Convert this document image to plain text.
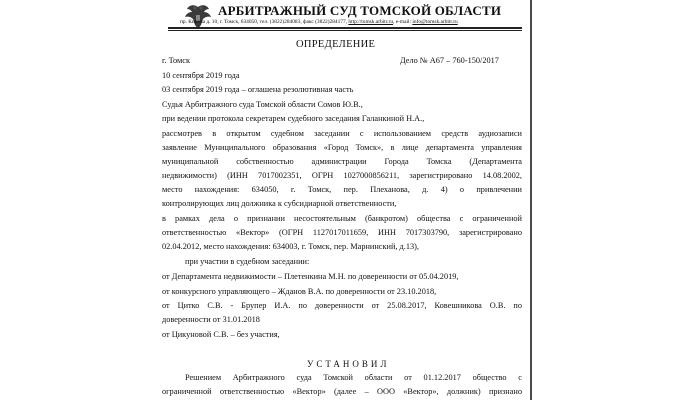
АРБИТРАЖНЫЙ СУД ТОМСКОЙ ОБЛАСТИ
пр. Кирова д. 10, г. Томск, 634050, тел. (3822)284083, факс (3822)284177, http://tomsk.arbitr.ru, e-mail: info@tomsk.arbitr.ru
ОПРЕДЕЛЕНИЕ
г. Томск	Дело № А67 – 760-150/2017
10 сентября 2019 года
03 сентября 2019 года – оглашена резолютивная часть
Судья Арбитражного суда Томской области Сомов Ю.В.,
при ведении протокола секретарем судебного заседания Галанкиной Н.А.,
рассмотрев в открытом судебном заседании с использованием средств аудиозаписи
заявление Муниципального образования «Город Томск», в лице департамента управления
муниципальной собственностью администрации Города Томска (Департамента
недвижимости) (ИНН 7017002351, ОГРН 1027000856211, зарегистрировано 14.08.2002,
место нахождения: 634050, г. Томск, пер. Плеханова, д. 4) о привлечении
контролирующих лиц должника к субсидиарной ответственности,
в рамках дела о признании несостоятельным (банкротом) общества с ограниченной
ответственностью «Вектор» (ОГРН 1127017011659, ИНН 7017303790, зарегистрировано
02.04.2012, место нахождения: 634003, г. Томск, пер. Марнинский, д.13),
при участии в судебном заседании:
от Департамента недвижимости – Плетенкина М.Н. по доверенности от 05.04.2019,
от конкурсного управляющего – Жданов В.А. по доверенности от 23.10.2018,
от Цитко С.В. - Брупер И.А. по доверенности от 25.08.2017, Ковешникова О.В. по
доверенности от 31.01.2018
от Цикуновой С.В. – без участия,
УСТАНОВИЛ
Решением Арбитражного суда Томской области от 01.12.2017 общество с
ограниченной ответственностью «Вектор» (далее – ООО «Вектор», должник) признано
